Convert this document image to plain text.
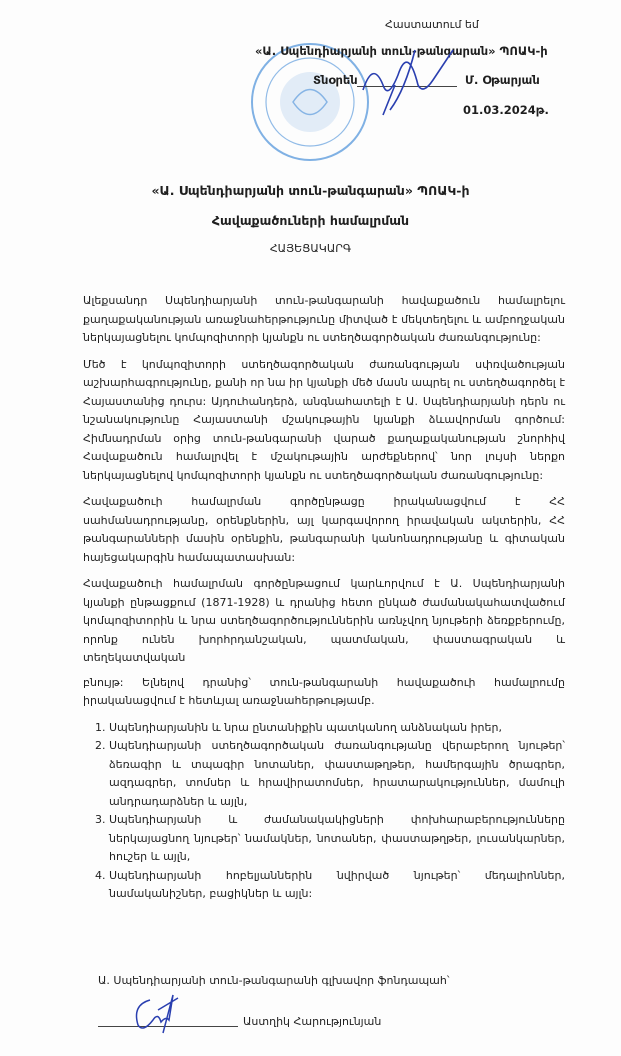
Հաստատում եմ
«Ա. Սպենդիարյանի տուն-թանգարան» ՊՈԱԿ-ի
Տնօրեն	Մ. Օթարյան
01.03.2024թ.
«Ա. Սպենդիարյանի տուն-թանգարան» ՊՈԱԿ-ի
Հավաքածուների համալրման
ՀԱՅԵՑԱԿԱՐԳ

Ալեքսանդր Սպենդիարյանի տուն-թանգարանի հավաքածուն համալրելու քաղաքականության առաջնահերթությունը միտված է մեկտեղելու և ամբողջական ներկայացնելու կոմպոզիտորի կյանքն ու ստեղծագործական ժառանգությունը:

Մեծ է կոմպոզիտորի ստեղծագործական ժառանգության սփռվածության աշխարհագրությունը, քանի որ նա իր կյանքի մեծ մասն ապրել ու ստեղծագործել է Հայաստանից դուրս: Այդուհանդերձ, անգնահատելի է Ա. Սպենդիարյանի դերն ու նշանակությունը Հայաստանի մշակութային կյանքի ձևավորման գործում: Հիմնադրման օրից տուն-թանգարանի վարած քաղաքականության շնորհիվ Հավաքածուն համալրվել է մշակութային արժեքներով՝ նոր լույսի ներքո ներկայացնելով կոմպոզիտորի կյանքն ու ստեղծագործական ժառանգությունը:

Հավաքածուի համալրման գործընթացը իրականացվում է ՀՀ սահմանադրությանը, օրենքներին, այլ կարգավորող իրավական ակտերին, ՀՀ թանգարանների մասին օրենքին, թանգարանի կանոնադրությանը և գիտական հայեցակարգին համապատասխան:

Հավաքածուի համալրման գործընթացում կարևորվում է Ա. Սպենդիարյանի կյանքի ընթացքում (1871-1928) և դրանից հետո ընկած ժամանակահատվածում կոմպոզիտորին և նրա ստեղծագործություններին առնչվող նյութերի ձեռքբերումը, որոնք ունեն խորհրդանշական, պատմական, փաստագրական և տեղեկատվական

բնույթ: Ելնելով դրանից՝ տուն-թանգարանի հավաքածուի համալրումը իրականացվում է հետևյալ առաջնահերթությամբ.

1. Սպենդիարյանին և նրա ընտանիքին պատկանող անձնական իրեր,
2. Սպենդիարյանի ստեղծագործական ժառանգությանը վերաբերող նյութեր՝ ձեռագիր և տպագիր նոտաներ, փաստաթղթեր, համերգային ծրագրեր, ազդագրեր, տոմսեր և հրավիրատոմսեր, հրատարակություններ, մամուլի անդրադարձներ և այլն,
3. Սպենդիարյանի և ժամանակակիցների փոխհարաբերությունները ներկայացնող նյութեր՝ նամակներ, նոտաներ, փաստաթղթեր, լուսանկարներ, հուշեր և այլն,
4. Սպենդիարյանի հոբելյաններին նվիրված նյութեր՝ մեդալիոններ, նամականիշներ, բացիկներ և այլն:
Ա. Սպենդիարյանի տուն-թանգարանի գլխավոր ֆոնդապահ՝
Աստղիկ Հարությունյան
